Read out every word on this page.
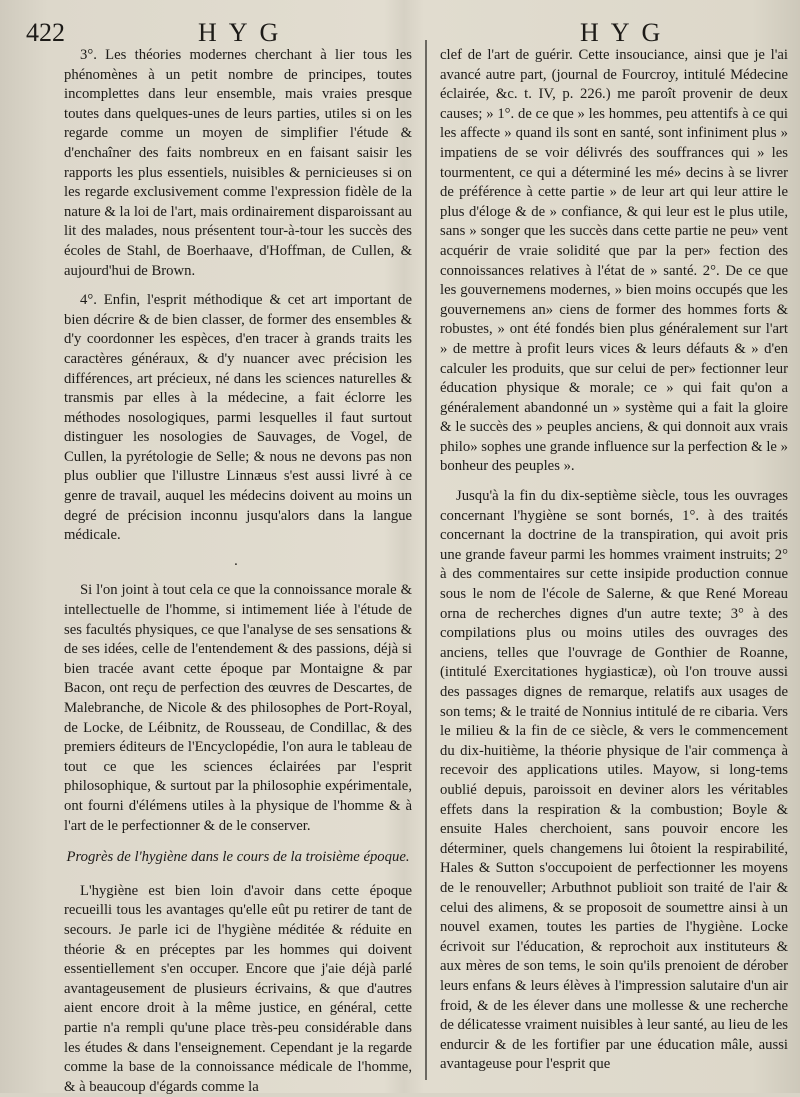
422	HYG	HYG

3°. Les théories modernes cherchant à lier tous les phénomènes à un petit nombre de principes, toutes incomplettes dans leur ensemble, mais vraies presque toutes dans quelques-unes de leurs parties, utiles si on les regarde comme un moyen de simplifier l'étude & d'enchaîner des faits nombreux en en faisant saisir les rapports les plus essentiels, nuisibles & pernicieuses si on les regarde exclusivement comme l'expression fidèle de la nature & la loi de l'art, mais ordinairement disparoissant au lit des malades, nous présentent tour-à-tour les succès des écoles de Stahl, de Boerhaave, d'Hoffman, de Cullen, & aujourd'hui de Brown.

4°. Enfin, l'esprit méthodique & cet art important de bien décrire & de bien classer, de former des ensembles & d'y coordonner les espèces, d'en tracer à grands traits les caractères généraux, & d'y nuancer avec précision les différences, art précieux, né dans les sciences naturelles & transmis par elles à la médecine, a fait éclorre les méthodes nosologiques, parmi lesquelles il faut surtout distinguer les nosologies de Sauvages, de Vogel, de Cullen, la pyrétologie de Selle; & nous ne devons pas non plus oublier que l'illustre Linnæus s'est aussi livré à ce genre de travail, auquel les médecins doivent au moins un degré de précision inconnu jusqu'alors dans la langue médicale.

·

Si l'on joint à tout cela ce que la connoissance morale & intellectuelle de l'homme, si intimement liée à l'étude de ses facultés physiques, ce que l'analyse de ses sensations & de ses idées, celle de l'entendement & des passions, déjà si bien tracée avant cette époque par Montaigne & par Bacon, ont reçu de perfection des œuvres de Descartes, de Malebranche, de Nicole & des philosophes de Port-Royal, de Locke, de Léibnitz, de Rousseau, de Condillac, & des premiers éditeurs de l'Encyclopédie, l'on aura le tableau de tout ce que les sciences éclairées par l'esprit philosophique, & surtout par la philosophie expérimentale, ont fourni d'élémens utiles à la physique de l'homme & à l'art de le perfectionner & de le conserver.

Progrès de l'hygiène dans le cours de la troisième époque.

L'hygiène est bien loin d'avoir dans cette époque recueilli tous les avantages qu'elle eût pu retirer de tant de secours. Je parle ici de l'hygiène méditée & réduite en théorie & en préceptes par les hommes qui doivent essentiellement s'en occuper. Encore que j'aie déjà parlé avantageusement de plusieurs écrivains, & que d'autres aient encore droit à la même justice, en général, cette partie n'a rempli qu'une place très-peu considérable dans les études & dans l'enseignement. Cependant je la regarde comme la base de la connoissance médicale de l'homme, & à beaucoup d'égards comme la

clef de l'art de guérir. Cette insouciance, ainsi que je l'ai avancé autre part, (journal de Fourcroy, intitulé Médecine éclairée, &c. t. IV, p. 226.) me paroît provenir de deux causes; » 1°. de ce que » les hommes, peu attentifs à ce qui les affecte » quand ils sont en santé, sont infiniment plus » impatiens de se voir délivrés des souffrances qui » les tourmentent, ce qui a déterminé les mé» decins à se livrer de préférence à cette partie » de leur art qui leur attire le plus d'éloge & de » confiance, & qui leur est le plus utile, sans » songer que les succès dans cette partie ne peu» vent acquérir de vraie solidité que par la per» fection des connoissances relatives à l'état de » santé. 2°. De ce que les gouvernemens modernes, » bien moins occupés que les gouvernemens an» ciens de former des hommes forts & robustes, » ont été fondés bien plus généralement sur l'art » de mettre à profit leurs vices & leurs défauts & » d'en calculer les produits, que sur celui de per» fectionner leur éducation physique & morale; ce » qui fait qu'on a généralement abandonné un » système qui a fait la gloire & le succès des » peuples anciens, & qui donnoit aux vrais philo» sophes une grande influence sur la perfection & le » bonheur des peuples ».

Jusqu'à la fin du dix-septième siècle, tous les ouvrages concernant l'hygiène se sont bornés, 1°. à des traités concernant la doctrine de la transpiration, qui avoit pris une grande faveur parmi les hommes vraiment instruits; 2° à des commentaires sur cette insipide production connue sous le nom de l'école de Salerne, & que René Moreau orna de recherches dignes d'un autre texte; 3° à des compilations plus ou moins utiles des ouvrages des anciens, telles que l'ouvrage de Gonthier de Roanne, (intitulé Exercitationes hygiasticæ), où l'on trouve aussi des passages dignes de remarque, relatifs aux usages de son tems; & le traité de Nonnius intitulé de re cibaria. Vers le milieu & la fin de ce siècle, & vers le commencement du dix-huitième, la théorie physique de l'air commença à recevoir des applications utiles. Mayow, si long-tems oublié depuis, paroissoit en deviner alors les véritables effets dans la respiration & la combustion; Boyle & ensuite Hales cherchoient, sans pouvoir encore les déterminer, quels changemens lui ôtoient la respirabilité, Hales & Sutton s'occupoient de perfectionner les moyens de le renouveller; Arbuthnot publioit son traité de l'air & celui des alimens, & se proposoit de soumettre ainsi à un nouvel examen, toutes les parties de l'hygiène. Locke écrivoit sur l'éducation, & reprochoit aux instituteurs & aux mères de son tems, le soin qu'ils prenoient de dérober leurs enfans & leurs élèves à l'impression salutaire d'un air froid, & de les élever dans une mollesse & une recherche de délicatesse vraiment nuisibles à leur santé, au lieu de les endurcir & de les fortifier par une éducation mâle, aussi avantageuse pour l'esprit que
